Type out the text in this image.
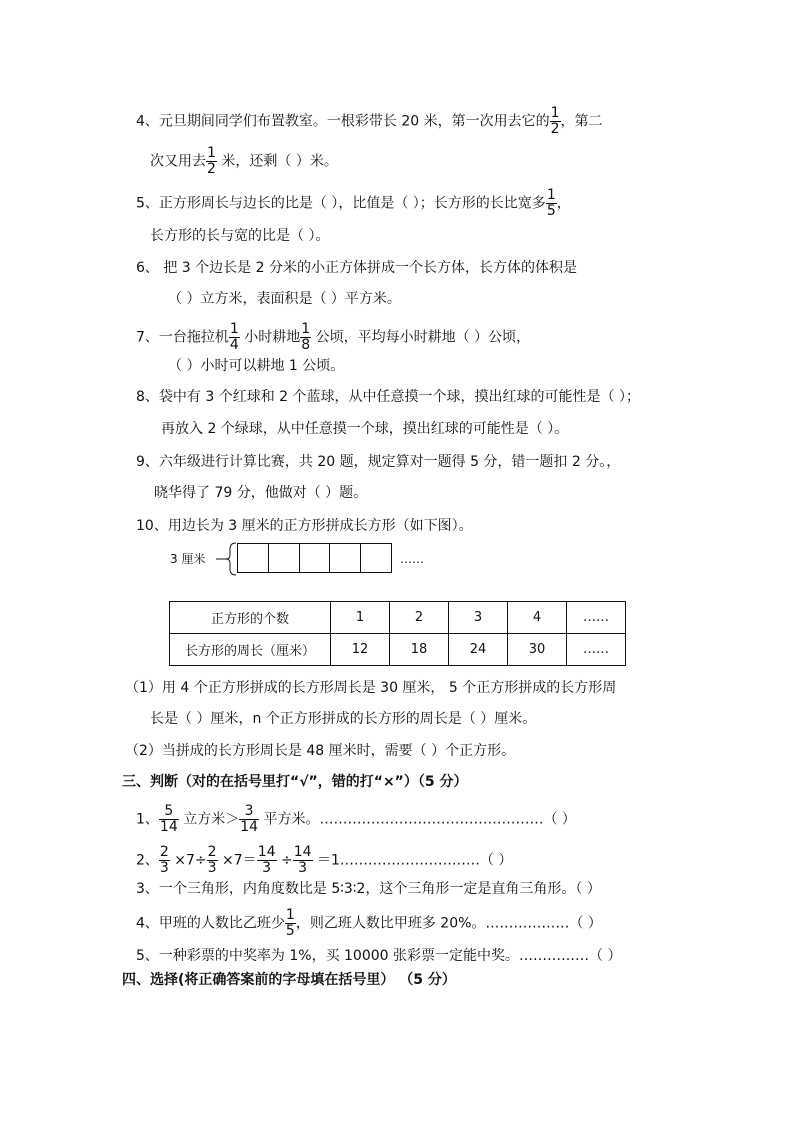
4、元旦期间同学们布置教室。一根彩带长 20 米，第一次用去它的 $\frac{1}{2}$ ，第二
次又用去 $\frac{1}{2}$ 米，还剩（ ）米。
5、正方形周长与边长的比是（ ），比值是（ ）；长方形的长比宽多 $\frac{1}{5}$ ，
长方形的长与宽的比是（ ）。
6、 把 3 个边长是 2 分米的小正方体拼成一个长方体，长方体的体积是
（ ）立方米，表面积是（ ）平方米。
7、一台拖拉机 $\frac{1}{4}$ 小时耕地 $\frac{1}{8}$ 公顷，平均每小时耕地（ ）公顷，
（ ）小时可以耕地 1 公顷。
8、袋中有 3 个红球和 2 个蓝球，从中任意摸一个球，摸出红球的可能性是（ ）；
再放入 2 个绿球，从中任意摸一个球，摸出红球的可能性是（ ）。
9、六年级进行计算比赛，共 20 题，规定算对一题得 5 分，错一题扣 2 分。，
晓华得了 79 分，他做对（ ）题。
10、用边长为 3 厘米的正方形拼成长方形（如下图）。
3 厘米	……
正方形的个数	1	2	3	4	……
长方形的周长（厘米）	12	18	24	30	……
（1）用 4 个正方形拼成的长方形周长是 30 厘米， 5 个正方形拼成的长方形周
长是（ ）厘米，n 个正方形拼成的长方形的周长是（ ）厘米。
（2）当拼成的长方形周长是 48 厘米时，需要（ ）个正方形。
三、判断（对的在括号里打“√”，错的打“×”）（5 分）
1、 $\frac{5}{14}$ 立方米＞ $\frac{3}{14}$ 平方米。…………………………………………（ ）
2、 $\frac{2}{3} \times 7\div \frac{2}{3} \times 7= \frac{14}{3} \div \frac{14}{3}$ ＝1…………………………（ ）
3、一个三角形，内角度数比是 5∶3∶2，这个三角形一定是直角三角形。（ ）
4、甲班的人数比乙班少 $\frac{1}{5}$ ，则乙班人数比甲班多 20%。………………（ ）
5、一种彩票的中奖率为 1%，买 10000 张彩票一定能中奖。……………（ ）
四、选择(将正确答案前的字母填在括号里） （5 分）
